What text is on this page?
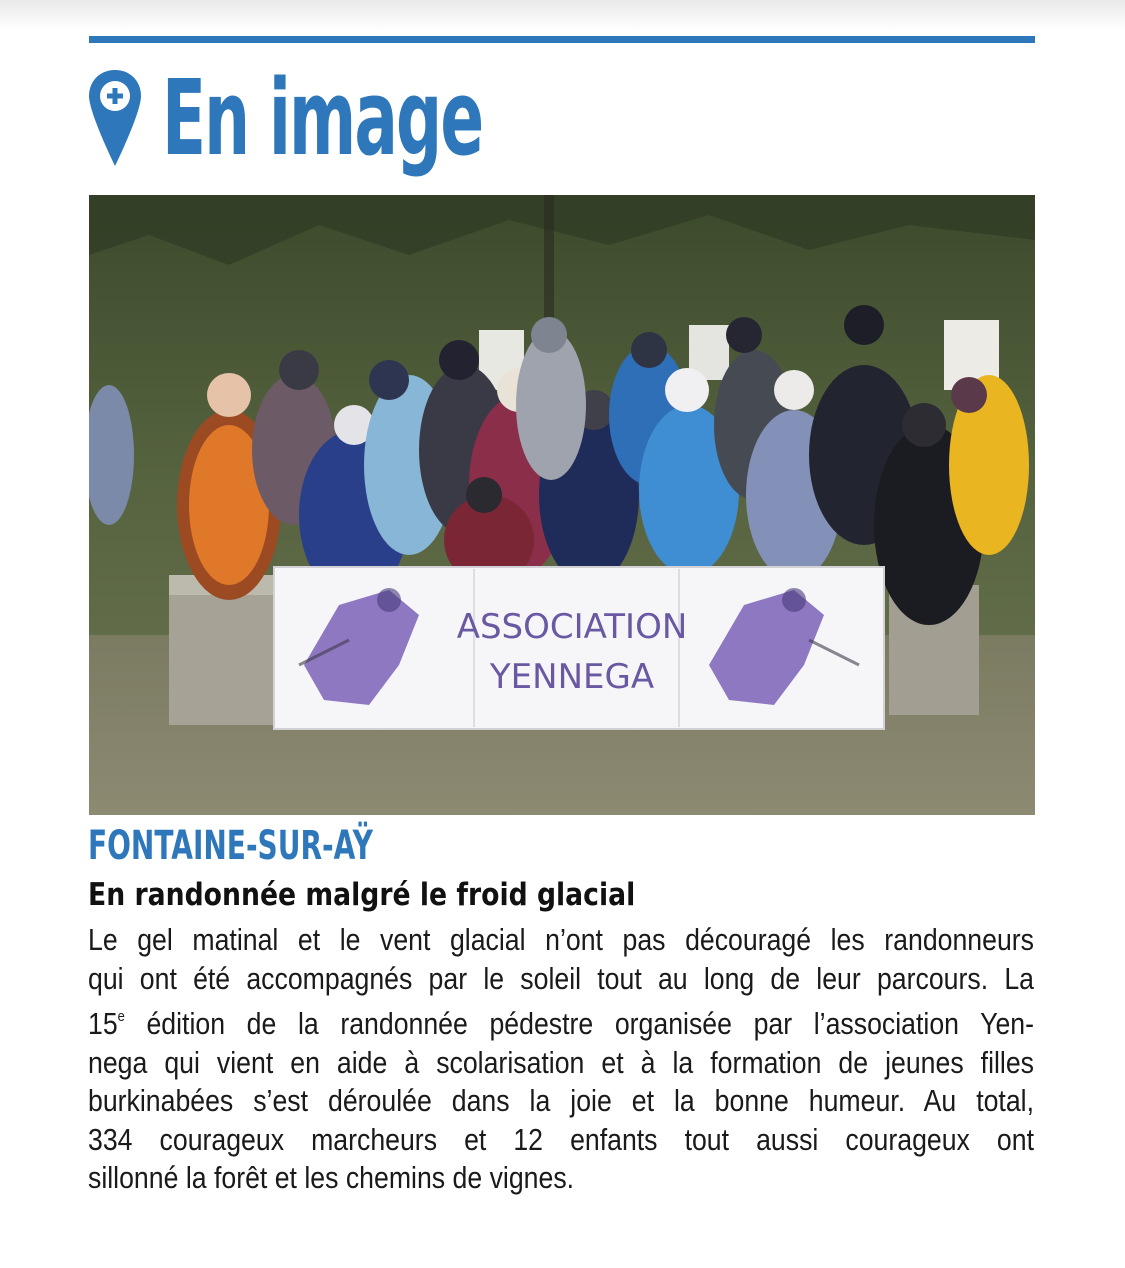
En image
ASSOCIATION
YENNEGA
FONTAINE-SUR-AŸ
En randonnée malgré le froid glacial
Le gel matinal et le vent glacial n’ont pas découragé les randonneurs
qui ont été accompagnés par le soleil tout au long de leur parcours. La
15e édition de la randonnée pédestre organisée par l’association Yen-
nega qui vient en aide à scolarisation et à la formation de jeunes filles
burkinabées s’est déroulée dans la joie et la bonne humeur. Au total,
334 courageux marcheurs et 12 enfants tout aussi courageux ont
sillonné la forêt et les chemins de vignes.
